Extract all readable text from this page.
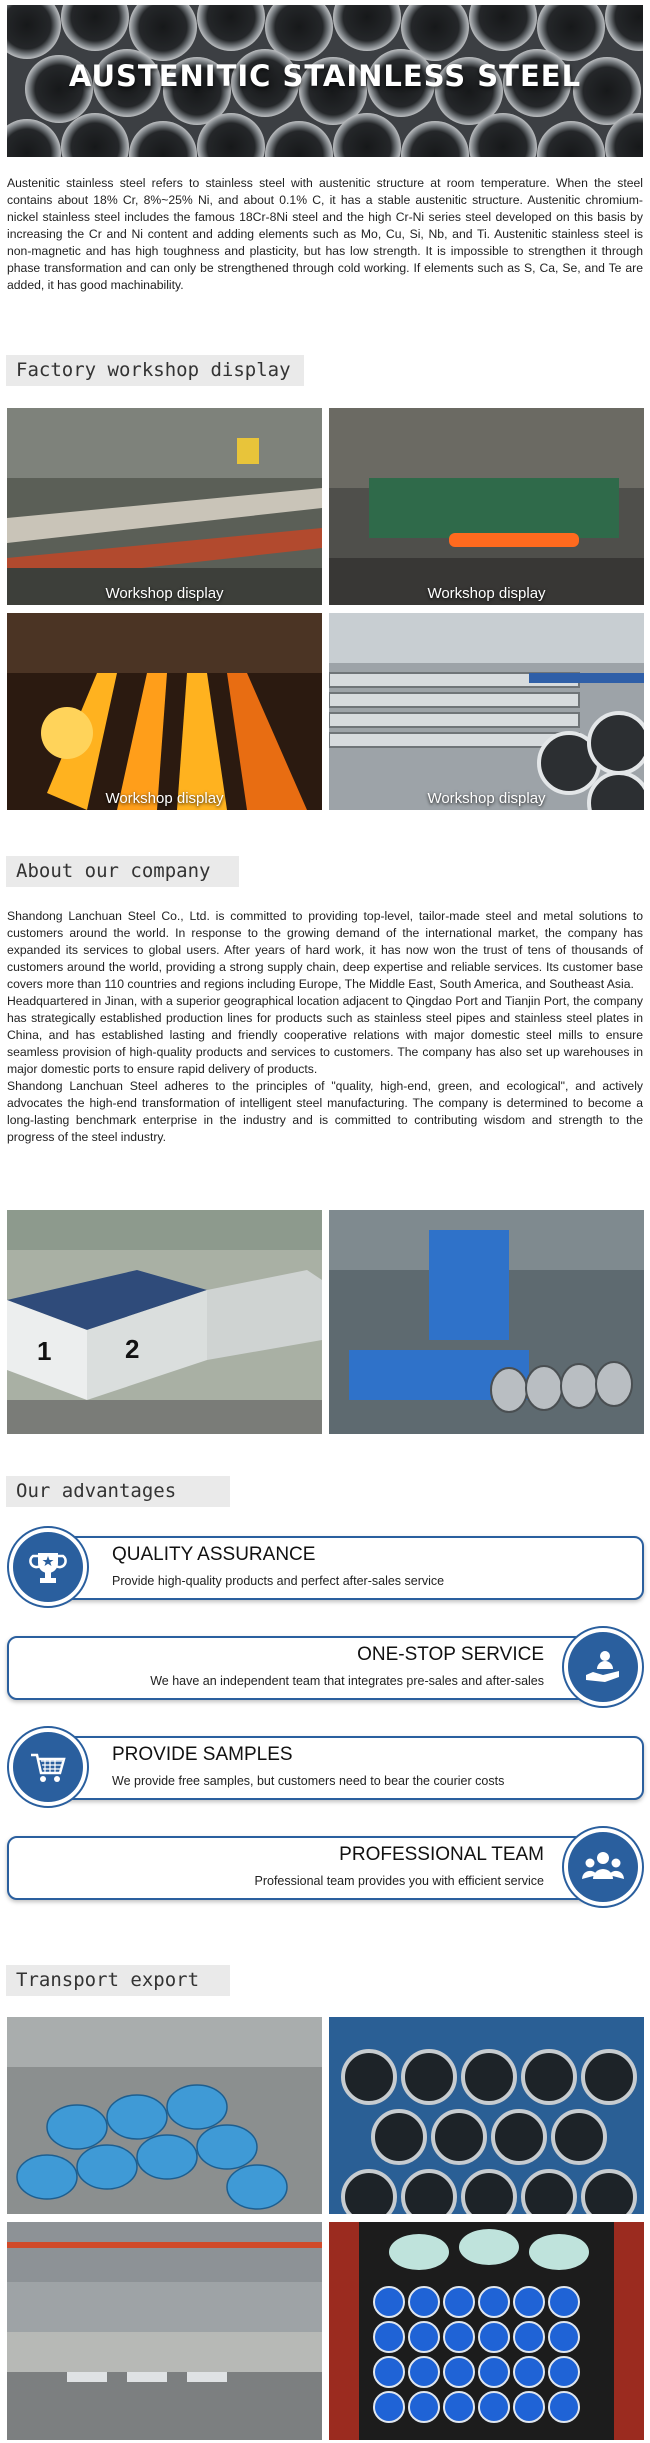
AUSTENITIC STAINLESS STEEL
Austenitic stainless steel refers to stainless steel with austenitic structure at room temperature. When the steel contains about 18% Cr, 8%~25% Ni, and about 0.1% C, it has a stable austenitic structure. Austenitic chromium-nickel stainless steel includes the famous 18Cr-8Ni steel and the high Cr-Ni series steel developed on this basis by increasing the Cr and Ni content and adding elements such as Mo, Cu, Si, Nb, and Ti. Austenitic stainless steel is non-magnetic and has high toughness and plasticity, but has low strength. It is impossible to strengthen it through phase transformation and can only be strengthened through cold working. If elements such as S, Ca, Se, and Te are added, it has good machinability.
Factory workshop display
Workshop display	Workshop display
Workshop display	Workshop display
About our company
Shandong Lanchuan Steel Co., Ltd. is committed to providing top-level, tailor-made steel and metal solutions to customers around the world. In response to the growing demand of the international market, the company has expanded its services to global users. After years of hard work, it has now won the trust of tens of thousands of customers around the world, providing a strong supply chain, deep expertise and reliable services. Its customer base covers more than 110 countries and regions including Europe, The Middle East, South America, and Southeast Asia.
Headquartered in Jinan, with a superior geographical location adjacent to Qingdao Port and Tianjin Port, the company has strategically established production lines for products such as stainless steel pipes and stainless steel plates in China, and has established lasting and friendly cooperative relations with major domestic steel mills to ensure seamless provision of high-quality products and services to customers. The company has also set up warehouses in major domestic ports to ensure rapid delivery of products.
Shandong Lanchuan Steel adheres to the principles of "quality, high-end, green, and ecological", and actively advocates the high-end transformation of intelligent steel manufacturing. The company is determined to become a long-lasting benchmark enterprise in the industry and is committed to contributing wisdom and strength to the progress of the steel industry.
1	2
Our advantages
QUALITY ASSURANCE
Provide high-quality products and perfect after-sales service
ONE-STOP SERVICE
We have an independent team that integrates pre-sales and after-sales
PROVIDE SAMPLES
We provide free samples, but customers need to bear the courier costs
PROFESSIONAL TEAM
Professional team provides you with efficient service
Transport export
